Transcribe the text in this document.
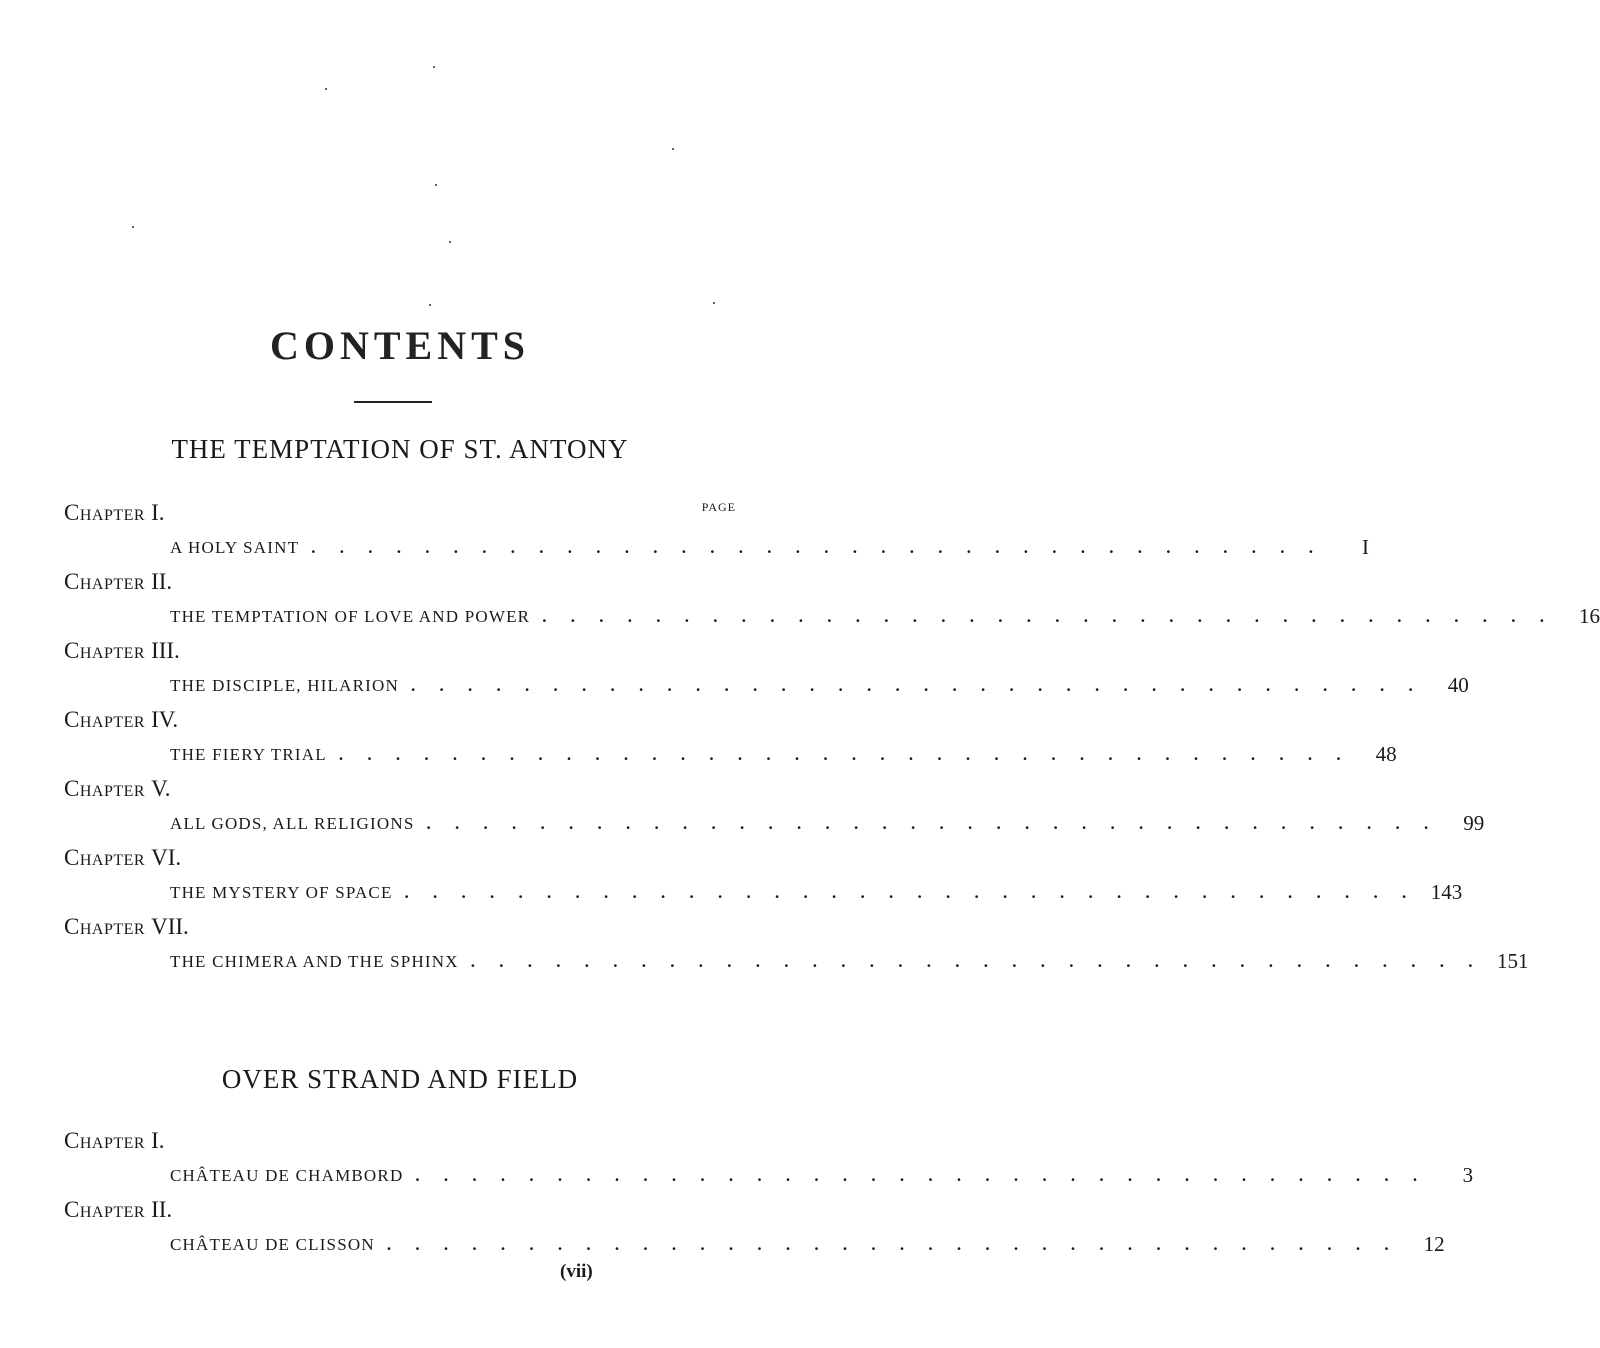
CONTENTS
THE TEMPTATION OF ST. ANTONY
Chapter I.	PAGE
A HOLY SAINT . . . . . . . . . . . . . . . . . . . . . . . . . . . . . . . . . . . .	I
Chapter II.
THE TEMPTATION OF LOVE AND POWER . . . . . . . . . . . . . . . . . . . . . . . . . . . . . . . . . . . .	16
Chapter III.
THE DISCIPLE, HILARION . . . . . . . . . . . . . . . . . . . . . . . . . . . . . . . . . . . .	40
Chapter IV.
THE FIERY TRIAL . . . . . . . . . . . . . . . . . . . . . . . . . . . . . . . . . . . .	48
Chapter V.
ALL GODS, ALL RELIGIONS . . . . . . . . . . . . . . . . . . . . . . . . . . . . . . . . . . . .	99
Chapter VI.
THE MYSTERY OF SPACE . . . . . . . . . . . . . . . . . . . . . . . . . . . . . . . . . . . . 143
Chapter VII.
THE CHIMERA AND THE SPHINX . . . . . . . . . . . . . . . . . . . . . . . . . . . . . . . . . . . . 151
OVER STRAND AND FIELD
Chapter I.
CHÂTEAU DE CHAMBORD . . . . . . . . . . . . . . . . . . . . . . . . . . . . . . . . . . . .	3
Chapter II.
CHÂTEAU DE CLISSON . . . . . . . . . . . . . . . . . . . . . . . . . . . . . . . . . . . .	12
(vii)
